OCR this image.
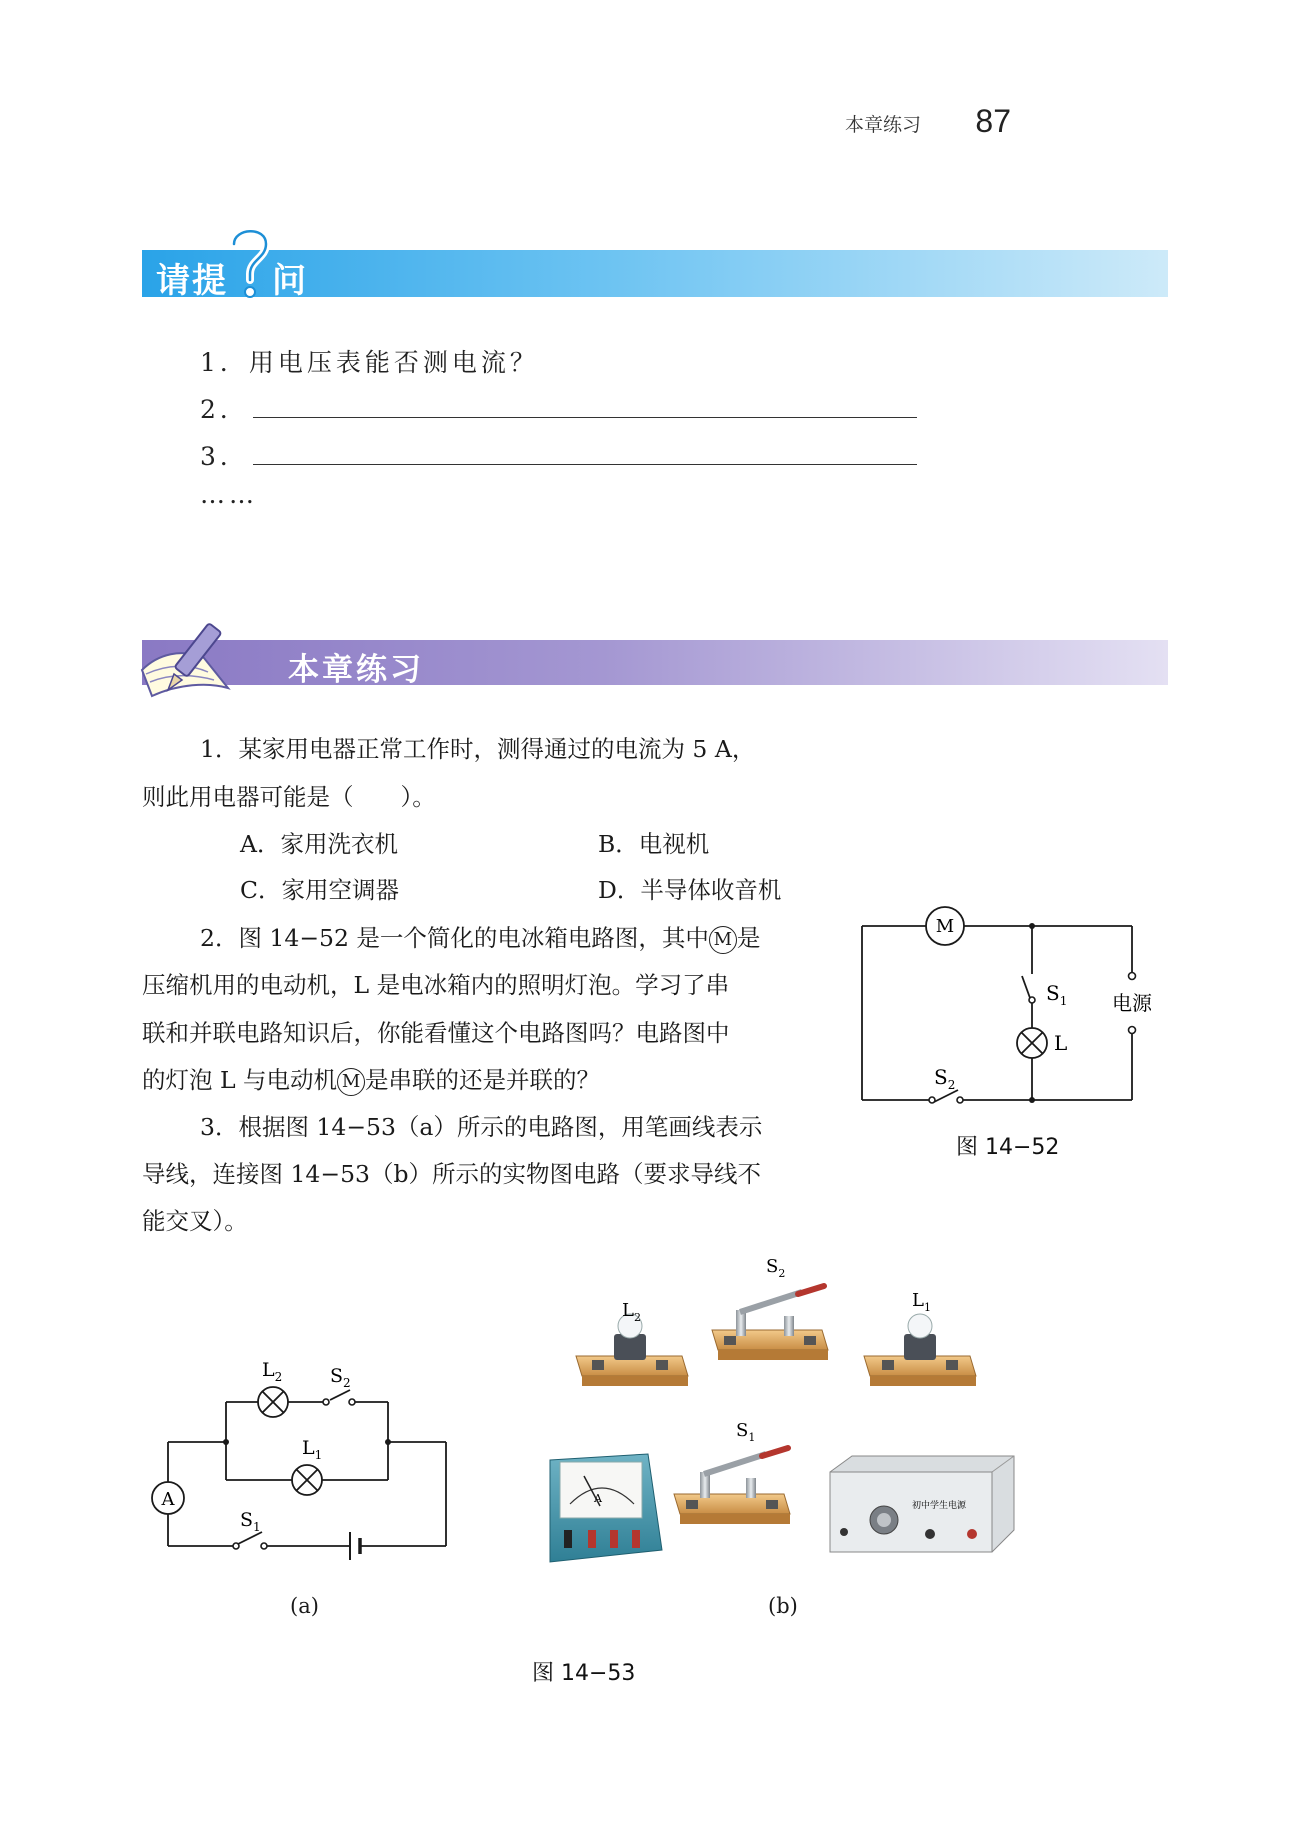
本章练习 87
请提 问
1．用电压表能否测电流？
2．
3．
……
本章练习
1．某家用电器正常工作时，测得通过的电流为 5 A，
则此用电器可能是（　　）。
A．家用洗衣机	B．电视机
C．家用空调器	D．半导体收音机
2．图 14−52 是一个简化的电冰箱电路图，其中 M 是
压缩机用的电动机，L 是电冰箱内的照明灯泡。学习了串
联和并联电路知识后，你能看懂这个电路图吗？电路图中
的灯泡 L 与电动机 M 是串联的还是并联的？
3．根据图 14−53（a）所示的电路图，用笔画线表示
导线，连接图 14−53（b）所示的实物图电路（要求导线不
能交叉）。
M
$S_1$
L
$S_2$
电源
图 14−52
$L_2$	$S_2$
$L_1$
A
$S_1$
(a)
$L_2$
$S_2$
$L_1$
A
$S_1$
初中学生电源
(b)
图 14−53
